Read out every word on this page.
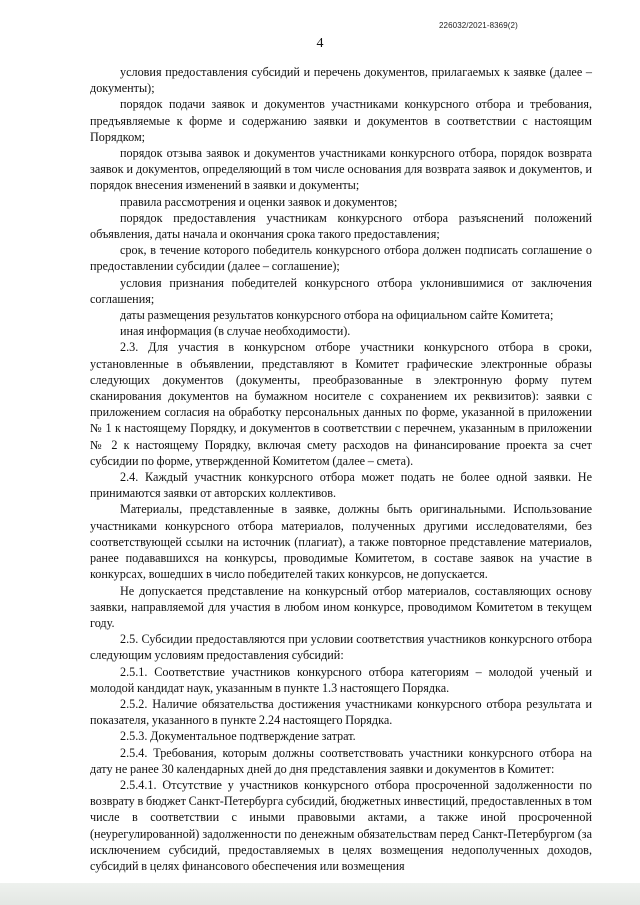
226032/2021-8369(2)
4

условия предоставления субсидий и перечень документов, прилагаемых к заявке (далее – документы);

порядок подачи заявок и документов участниками конкурсного отбора и требования, предъявляемые к форме и содержанию заявки и документов в соответствии с настоящим Порядком;

порядок отзыва заявок и документов участниками конкурсного отбора, порядок возврата заявок и документов, определяющий в том числе основания для возврата заявок и документов, и порядок внесения изменений в заявки и документы;

правила рассмотрения и оценки заявок и документов;

порядок предоставления участникам конкурсного отбора разъяснений положений объявления, даты начала и окончания срока такого предоставления;

срок, в течение которого победитель конкурсного отбора должен подписать соглашение о предоставлении субсидии (далее – соглашение);

условия признания победителей конкурсного отбора уклонившимися от заключения соглашения;

даты размещения результатов конкурсного отбора на официальном сайте Комитета;

иная информация (в случае необходимости).

2.3. Для участия в конкурсном отборе участники конкурсного отбора в сроки, установленные в объявлении, представляют в Комитет графические электронные образы следующих документов (документы, преобразованные в электронную форму путем сканирования документов на бумажном носителе с сохранением их реквизитов): заявки с приложением согласия на обработку персональных данных по форме, указанной в приложении № 1 к настоящему Порядку, и документов в соответствии с перечнем, указанным в приложении № 2 к настоящему Порядку, включая смету расходов на финансирование проекта за счет субсидии по форме, утвержденной Комитетом (далее – смета).

2.4. Каждый участник конкурсного отбора может подать не более одной заявки. Не принимаются заявки от авторских коллективов.

Материалы, представленные в заявке, должны быть оригинальными. Использование участниками конкурсного отбора материалов, полученных другими исследователями, без соответствующей ссылки на источник (плагиат), а также повторное представление материалов, ранее подававшихся на конкурсы, проводимые Комитетом, в составе заявок на участие в конкурсах, вошедших в число победителей таких конкурсов, не допускается.

Не допускается представление на конкурсный отбор материалов, составляющих основу заявки, направляемой для участия в любом ином конкурсе, проводимом Комитетом в текущем году.

2.5. Субсидии предоставляются при условии соответствия участников конкурсного отбора следующим условиям предоставления субсидий:

2.5.1. Соответствие участников конкурсного отбора категориям – молодой ученый и молодой кандидат наук, указанным в пункте 1.3 настоящего Порядка.

2.5.2. Наличие обязательства достижения участниками конкурсного отбора результата и показателя, указанного в пункте 2.24 настоящего Порядка.

2.5.3. Документальное подтверждение затрат.

2.5.4. Требования, которым должны соответствовать участники конкурсного отбора на дату не ранее 30 календарных дней до дня представления заявки и документов в Комитет:

2.5.4.1. Отсутствие у участников конкурсного отбора просроченной задолженности по возврату в бюджет Санкт-Петербурга субсидий, бюджетных инвестиций, предоставленных в том числе в соответствии с иными правовыми актами, а также иной просроченной (неурегулированной) задолженности по денежным обязательствам перед Санкт-Петербургом (за исключением субсидий, предоставляемых в целях возмещения недополученных доходов, субсидий в целях финансового обеспечения или возмещения
